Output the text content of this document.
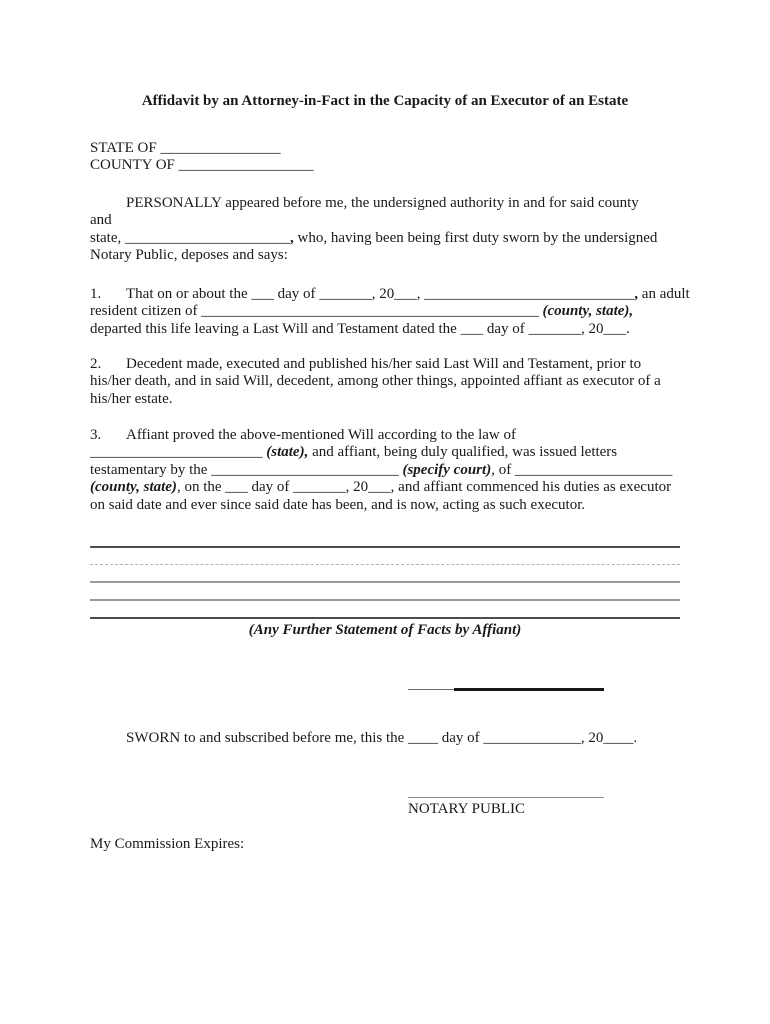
Affidavit by an Attorney-in-Fact in the Capacity of an Executor of an Estate
STATE OF ________________
COUNTY OF __________________
PERSONALLY appeared before me, the undersigned authority in and for said county
and
state, ______________________, who, having been being first duty sworn by the undersigned
Notary Public, deposes and says:
1. That on or about the ___ day of _______, 20___, ____________________________, an adult
resident citizen of _____________________________________________ (county, state),
departed this life leaving a Last Will and Testament dated the ___ day of _______, 20___.
2. Decedent made, executed and published his/her said Last Will and Testament, prior to
his/her death, and in said Will, decedent, among other things, appointed affiant as executor of a
his/her estate.
3. Affiant proved the above-mentioned Will according to the law of
_______________________ (state), and affiant, being duly qualified, was issued letters
testamentary by the _________________________ (specify court), of _____________________
(county, state), on the ___ day of _______, 20___, and affiant commenced his duties as executor
on said date and ever since said date has been, and is now, acting as such executor.
(Any Further Statement of Facts by Affiant)
SWORN to and subscribed before me, this the ____ day of _____________, 20____.
NOTARY PUBLIC
My Commission Expires:
